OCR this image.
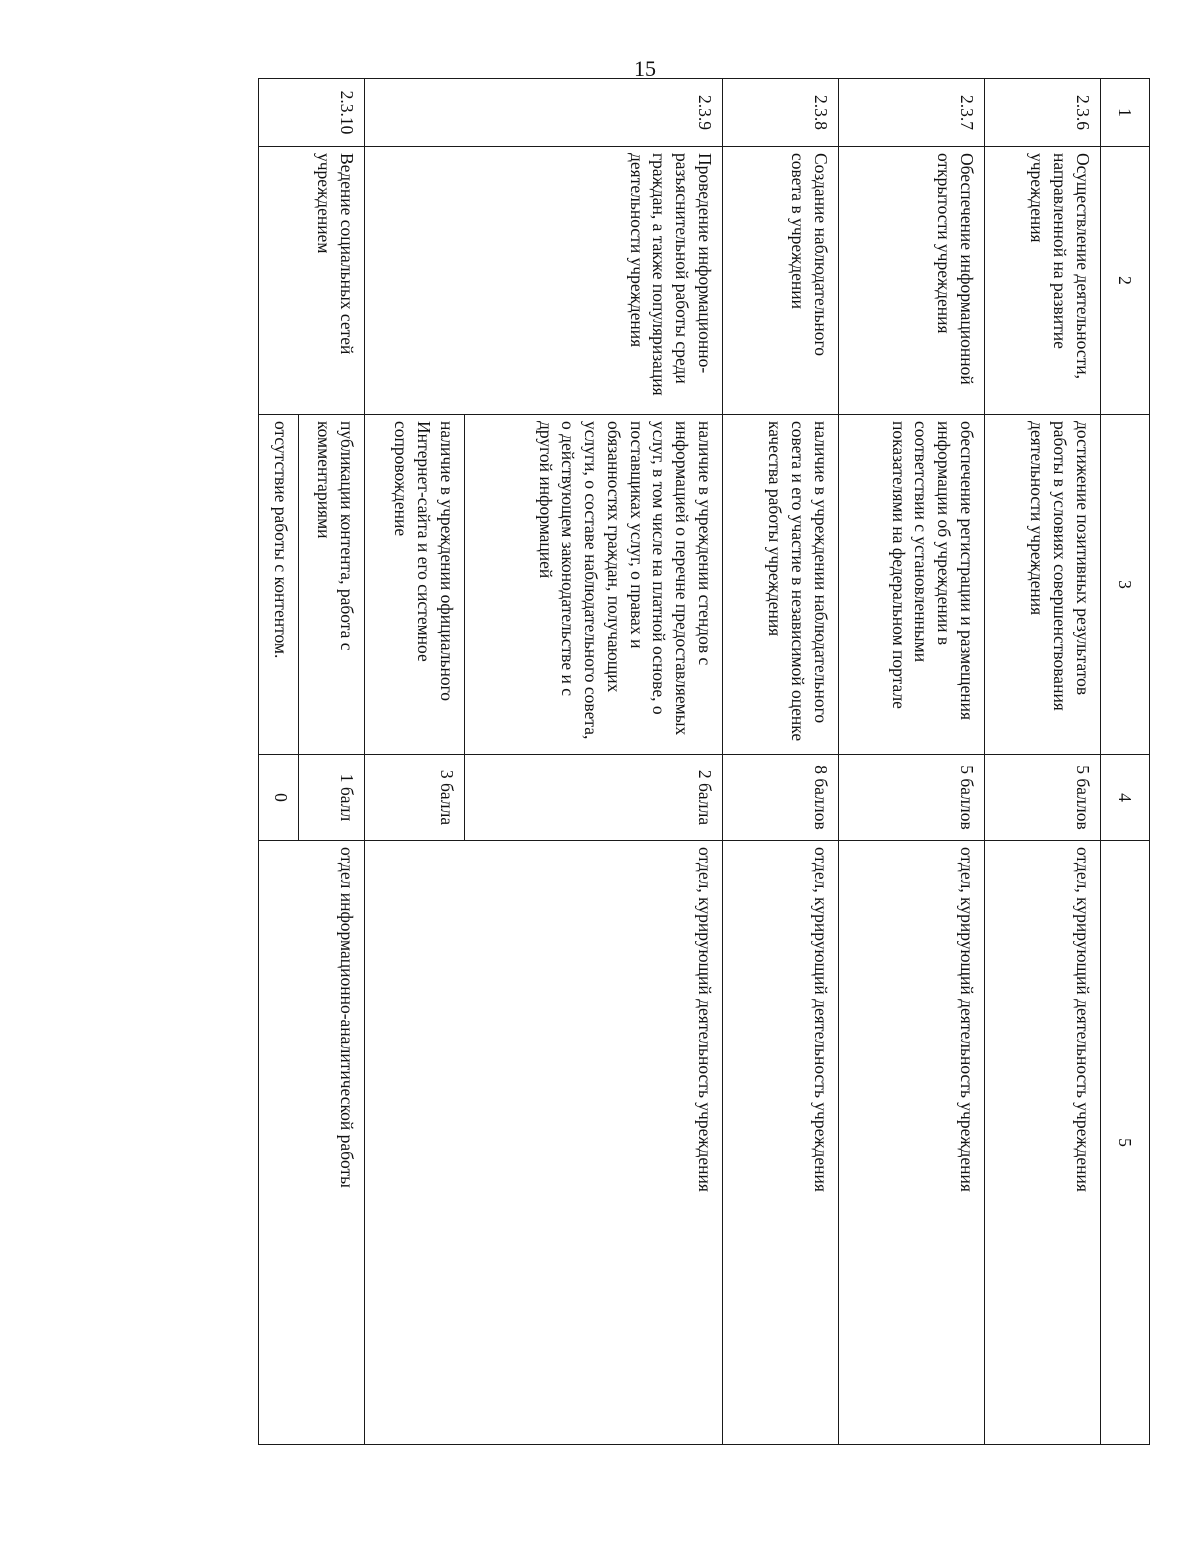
15
1	2	3	4	5
2.3.6	Осуществление деятельности, направленной на развитие учреждения	достижение позитивных результатов работы в условиях совершенствования деятельности учреждения	5 баллов	отдел, курирующий деятельность учреждения
2.3.7	Обеспечение информационной открытости учреждения	обеспечение регистрации и размещения информации об учреждении в соответствии с установленными показателями на федеральном портале	5 баллов	отдел, курирующий деятельность учреждения
2.3.8	Создание наблюдательного совета в учреждении	наличие в учреждении наблюдательного совета и его участие в независимой оценке качества работы учреждения	8 баллов	отдел, курирующий деятельность учреждения
2.3.9	Проведение информационно-разъяснительной работы среди граждан, а также популяризация деятельности учреждения	наличие в учреждении стендов с информацией о перечне предоставляемых услуг, в том числе на платной основе, о поставщиках услуг, о правах и обязанностях граждан, получающих услуги, о составе наблюдательного совета, о действующем законодательстве и с другой информацией	2 балла	отдел, курирующий деятельность учреждения
		наличие в учреждении официального Интернет-сайта и его системное сопровождение	3 балла	
2.3.10	Ведение социальных сетей учреждением	публикации контента, работа с комментариями	1 балл	отдел информационно-аналитической работы
		отсутствие работы с контентом.	0	
